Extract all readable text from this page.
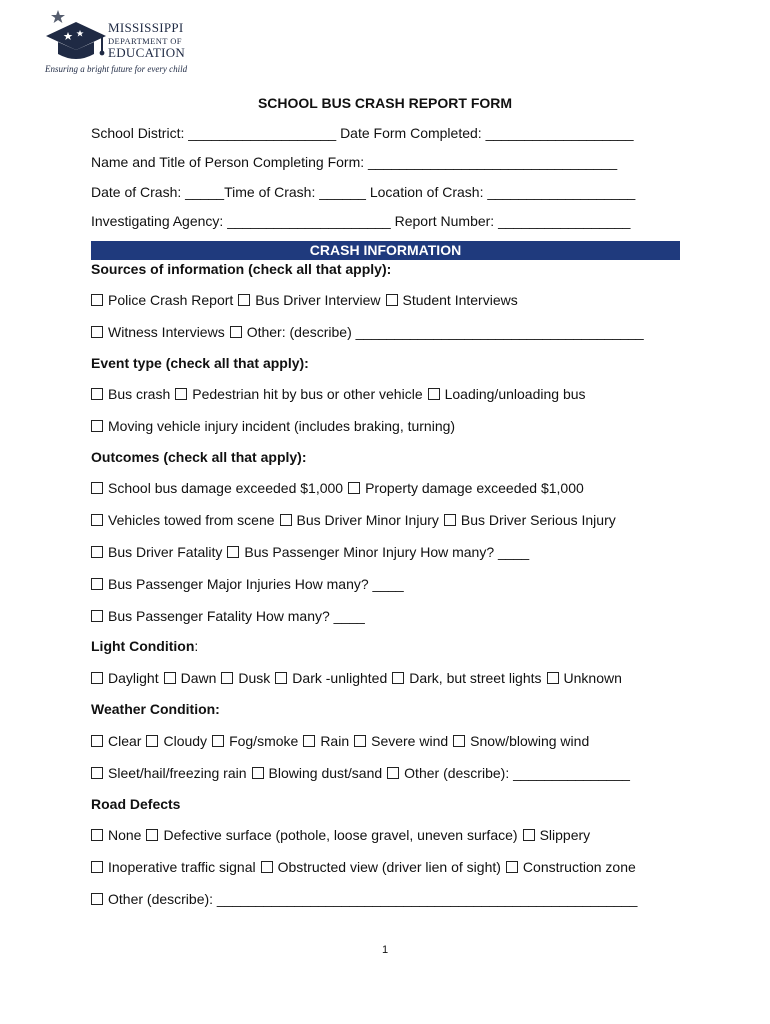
MISSISSIPPI
DEPARTMENT OF
EDUCATION
Ensuring a bright future for every child
SCHOOL BUS CRASH REPORT FORM
School District: ___________________ Date Form Completed: ___________________
Name and Title of Person Completing Form: ________________________________
Date of Crash: _____Time of Crash: ______ Location of Crash: ___________________
Investigating Agency: _____________________ Report Number: _________________
CRASH INFORMATION
Sources of information (check all that apply):
Police Crash Report Bus Driver Interview Student Interviews
Witness Interviews Other: (describe) _____________________________________
Event type (check all that apply):
Bus crash Pedestrian hit by bus or other vehicle Loading/unloading bus
Moving vehicle injury incident (includes braking, turning)
Outcomes (check all that apply):
School bus damage exceeded $1,000 Property damage exceeded $1,000
Vehicles towed from scene Bus Driver Minor Injury Bus Driver Serious Injury
Bus Driver Fatality Bus Passenger Minor Injury How many? ____
Bus Passenger Major Injuries How many? ____
Bus Passenger Fatality How many? ____
Light Condition:
Daylight Dawn Dusk Dark -unlighted Dark, but street lights Unknown
Weather Condition:
Clear Cloudy Fog/smoke Rain Severe wind Snow/blowing wind
Sleet/hail/freezing rain Blowing dust/sand Other (describe): _______________
Road Defects
None Defective surface (pothole, loose gravel, uneven surface) Slippery
Inoperative traffic signal Obstructed view (driver lien of sight) Construction zone
Other (describe): ______________________________________________________
1
